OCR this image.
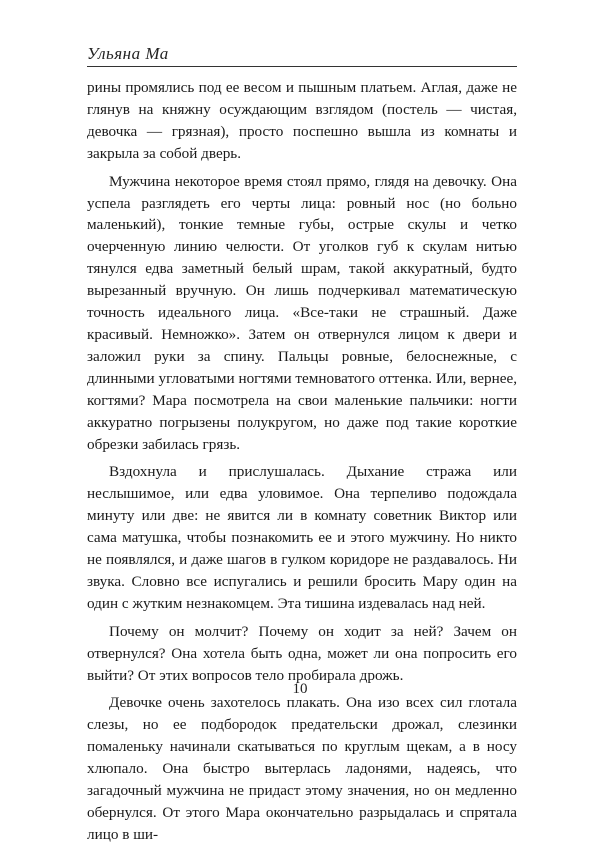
Ульяна Ма

рины промялись под ее весом и пышным платьем. Аглая, даже не глянув на княжну осуждающим взглядом (постель — чистая, девочка — грязная), просто поспешно вышла из комнаты и закрыла за собой дверь.

Мужчина некоторое время стоял прямо, глядя на девочку. Она успела разглядеть его черты лица: ровный нос (но больно маленький), тонкие темные губы, острые скулы и четко очерченную линию челюсти. От уголков губ к скулам нитью тянулся едва заметный белый шрам, такой аккуратный, будто вырезанный вручную. Он лишь подчеркивал математическую точность идеального лица. «Все-таки не страшный. Даже красивый. Немножко». Затем он отвернулся лицом к двери и заложил руки за спину. Пальцы ровные, белоснежные, с длинными угловатыми ногтями темноватого оттенка. Или, вернее, когтями? Мара посмотрела на свои маленькие пальчики: ногти аккуратно погрызены полукругом, но даже под такие короткие обрезки забилась грязь.

Вздохнула и прислушалась. Дыхание стража или неслышимое, или едва уловимое. Она терпеливо подождала минуту или две: не явится ли в комнату советник Виктор или сама матушка, чтобы познакомить ее и этого мужчину. Но никто не появлялся, и даже шагов в гулком коридоре не раздавалось. Ни звука. Словно все испугались и решили бросить Мару один на один с жутким незнакомцем. Эта тишина издевалась над ней.

Почему он молчит? Почему он ходит за ней? Зачем он отвернулся? Она хотела быть одна, может ли она попросить его выйти? От этих вопросов тело пробирала дрожь.

Девочке очень захотелось плакать. Она изо всех сил глотала слезы, но ее подбородок предательски дрожал, слезинки помаленьку начинали скатываться по круглым щекам, а в носу хлюпало. Она быстро вытерлась ладонями, надеясь, что загадочный мужчина не придаст этому значения, но он медленно обернулся. От этого Мара окончательно разрыдалась и спрятала лицо в ши-

10
